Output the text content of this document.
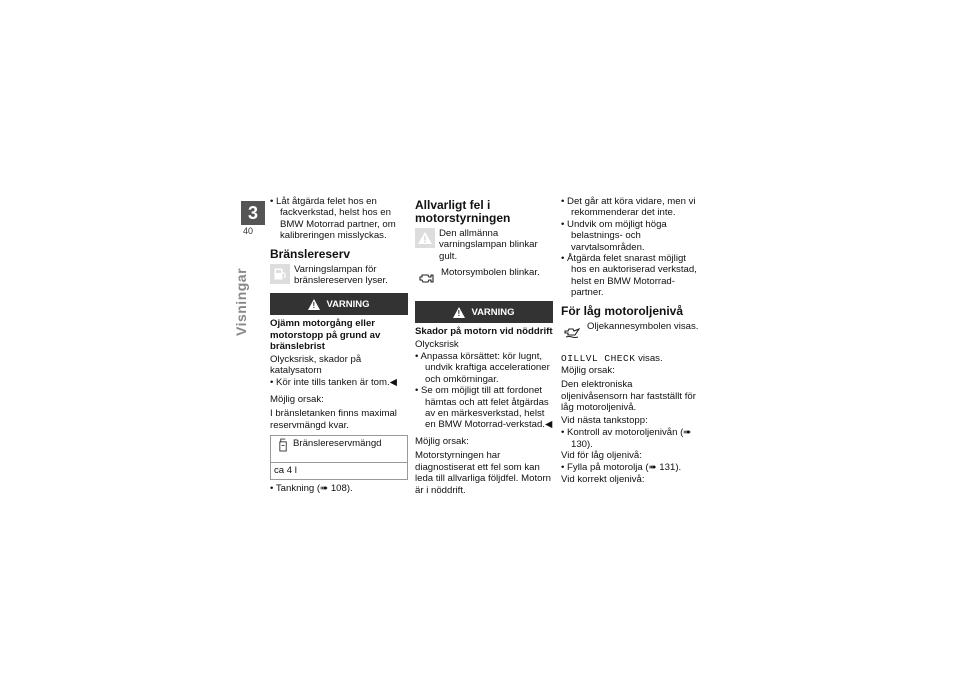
3
40
Visningar

• Låt åtgärda felet hos en fackverkstad, helst hos en BMW Motorrad partner, om kalibreringen misslyckas.

Bränslereserv

Varningslampan för bränslereserven lyser.

! VARNING

Ojämn motorgång eller motorstopp på grund av bränslebrist

Olycksrisk, skador på katalysatorn

• Kör inte tills tanken är tom.◀

Möjlig orsak:

I bränsletanken finns maximal reservmängd kvar.

Bränslereservmängd
ca 4 l

• Tankning (➠ 108).

Allvarligt fel i motorstyrningen

Den allmänna varningslampan blinkar gult.

Motorsymbolen blinkar.

! VARNING

Skador på motorn vid nöddrift

Olycksrisk

• Anpassa körsättet: kör lugnt, undvik kraftiga accelerationer och omkörningar.

• Se om möjligt till att fordonet hämtas och att felet åtgärdas av en märkesverkstad, helst en BMW Motorrad-verkstad.◀

Möjlig orsak:

Motorstyrningen har diagnostiserat ett fel som kan leda till allvarliga följdfel. Motorn är i nöddrift.

• Det går att köra vidare, men vi rekommenderar det inte.

• Undvik om möjligt höga belastnings- och varvtalsområden.

• Åtgärda felet snarast möjligt hos en auktoriserad verkstad, helst en BMW Motorrad-partner.

För låg motoroljenivå

Oljekannesymbolen visas.

OILLVL CHECK visas.

Möjlig orsak:

Den elektroniska oljenivåsensorn har fastställt för låg motoroljenivå.

Vid nästa tankstopp:

• Kontroll av motoroljenivån (➠ 130).

Vid för låg oljenivå:

• Fylla på motorolja (➠ 131).

Vid korrekt oljenivå:
